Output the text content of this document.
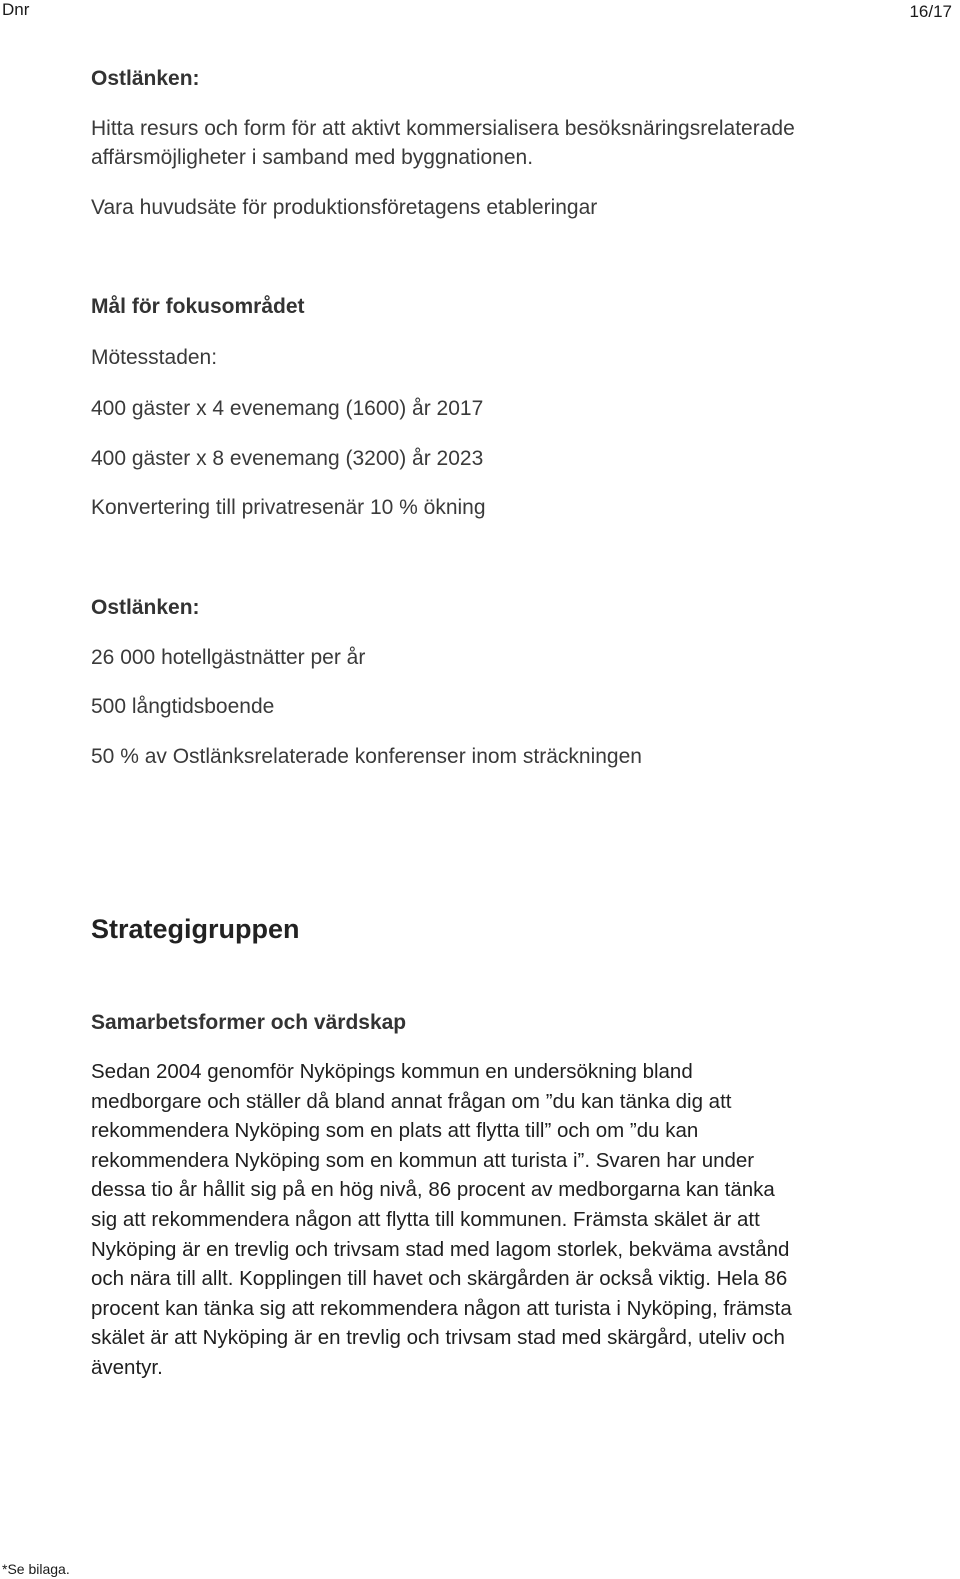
Dnr	16/17
Ostlänken:
Hitta resurs och form för att aktivt kommersialisera besöksnäringsrelaterade
affärsmöjligheter i samband med byggnationen.
Vara huvudsäte för produktionsföretagens etableringar
Mål för fokusområdet
Mötesstaden:
400 gäster x 4 evenemang (1600) år 2017
400 gäster x 8 evenemang (3200) år 2023
Konvertering till privatresenär 10 % ökning
Ostlänken:
26 000 hotellgästnätter per år
500 långtidsboende
50 % av Ostlänksrelaterade konferenser inom sträckningen
Strategigruppen
Samarbetsformer och värdskap
Sedan 2004 genomför Nyköpings kommun en undersökning bland
medborgare och ställer då bland annat frågan om ”du kan tänka dig att
rekommendera Nyköping som en plats att flytta till” och om ”du kan
rekommendera Nyköping som en kommun att turista i”. Svaren har under
dessa tio år hållit sig på en hög nivå, 86 procent av medborgarna kan tänka
sig att rekommendera någon att flytta till kommunen. Främsta skälet är att
Nyköping är en trevlig och trivsam stad med lagom storlek, bekväma avstånd
och nära till allt. Kopplingen till havet och skärgården är också viktig. Hela 86
procent kan tänka sig att rekommendera någon att turista i Nyköping, främsta
skälet är att Nyköping är en trevlig och trivsam stad med skärgård, uteliv och
äventyr.
*Se bilaga.
